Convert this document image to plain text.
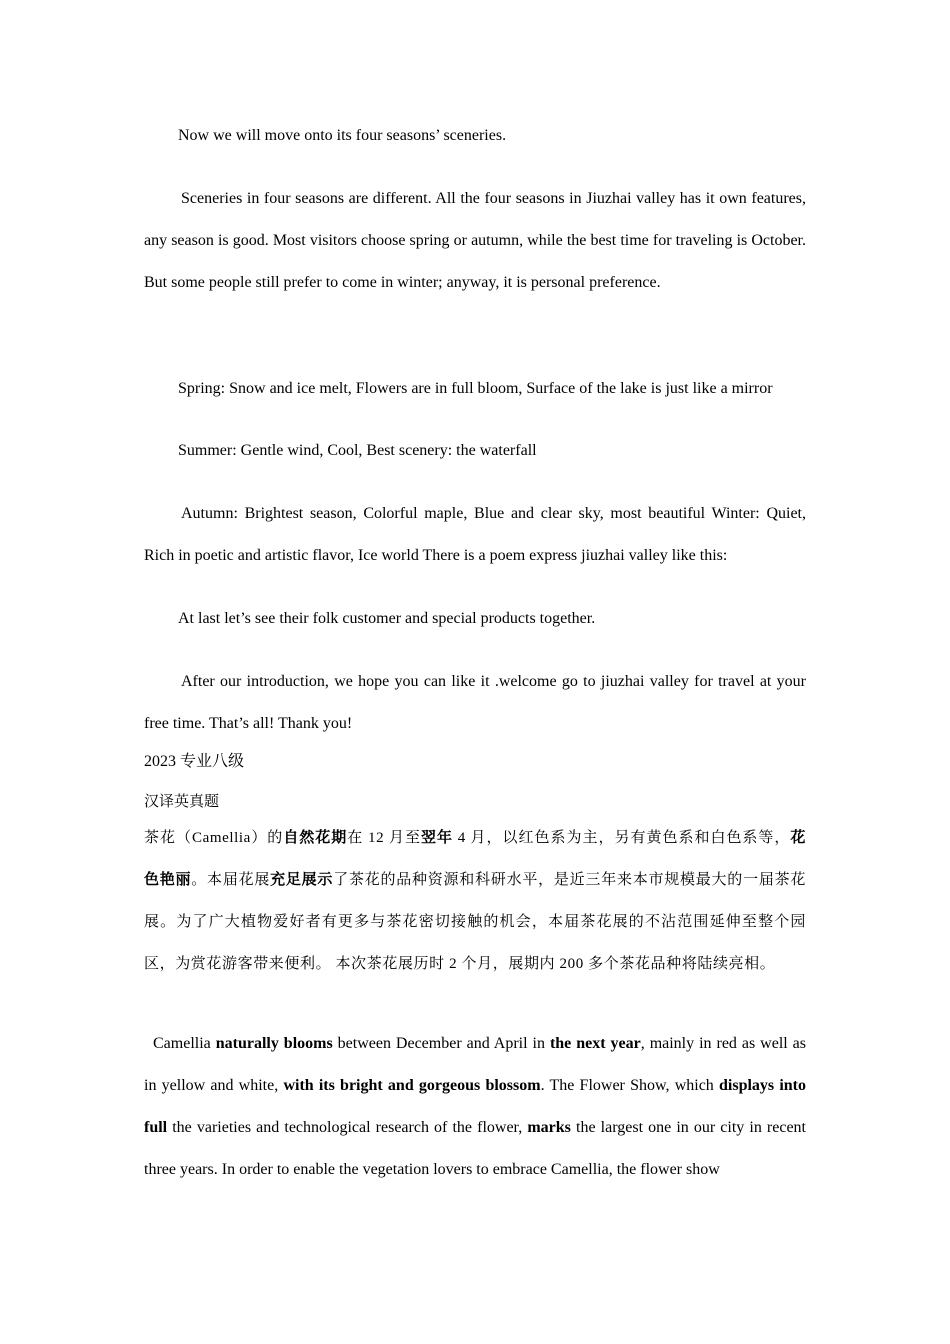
Now we will move onto its four seasons’ sceneries.

Sceneries in four seasons are different. All the four seasons in Jiuzhai valley has it own features, any season is good. Most visitors choose spring or autumn, while the best time for traveling is October. But some people still prefer to come in winter; anyway, it is personal preference.

Spring: Snow and ice melt, Flowers are in full bloom, Surface of the lake is just like a mirror

Summer: Gentle wind, Cool, Best scenery: the waterfall

Autumn: Brightest season, Colorful maple, Blue and clear sky, most beautiful Winter: Quiet, Rich in poetic and artistic flavor, Ice world There is a poem express jiuzhai valley like this:

At last let’s see their folk customer and special products together.

After our introduction, we hope you can like it .welcome go to jiuzhai valley for travel at your free time. That’s all! Thank you!

2023 专业八级

汉译英真题

茶花（Camellia）的自然花期在 12 月至翌年 4 月，以红色系为主，另有黄色系和白色系等，花色艳丽。本届花展充足展示了茶花的品种资源和科研水平，是近三年来本市规模最大的一届茶花展。为了广大植物爱好者有更多与茶花密切接触的机会，本届茶花展的不沾范围延伸至整个园区，为赏花游客带来便利。 本次茶花展历时 2 个月，展期内 200 多个茶花品种将陆续亮相。

Camellia naturally blooms between December and April in the next year, mainly in red as well as in yellow and white, with its bright and gorgeous blossom. The Flower Show, which displays into full the varieties and technological research of the flower, marks the largest one in our city in recent three years. In order to enable the vegetation lovers to embrace Camellia, the flower show
